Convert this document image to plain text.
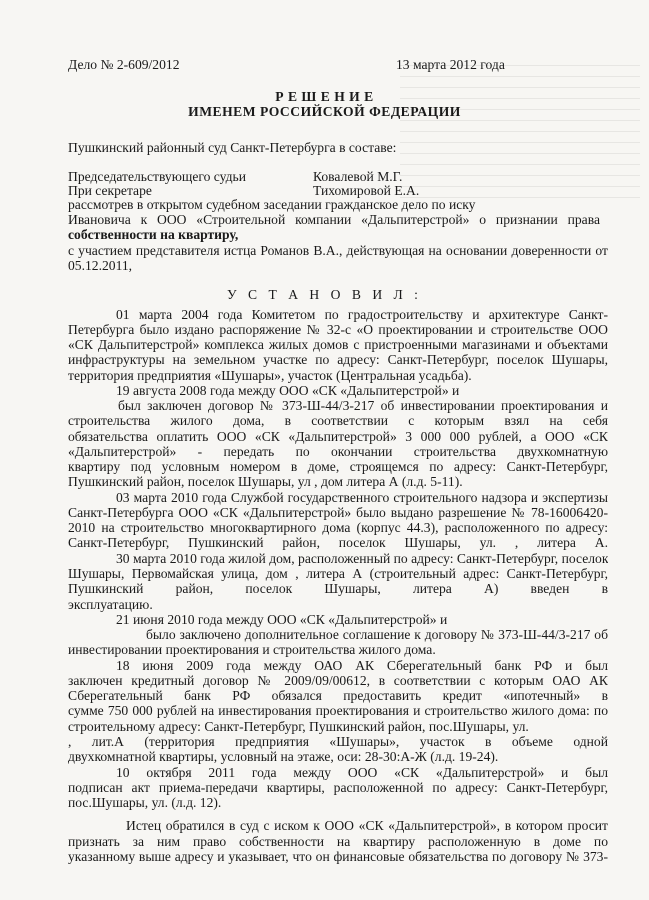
Дело № 2-609/2012	13 марта 2012 года
Р Е Ш Е Н И Е
ИМЕНЕМ РОССИЙСКОЙ ФЕДЕРАЦИИ
Пушкинский районный суд Санкт-Петербурга в составе:
Председательствующего судьи	Ковалевой М.Г.
При секретаре	Тихомировой Е.А.
рассмотрев в открытом судебном заседании гражданское дело по иску
Ивановича к ООО «Строительной компании «Дальпитерстрой» о признании права
собственности на квартиру,
с участием представителя истца Романов В.А., действующая на основании доверенности от
05.12.2011,
У С Т А Н О В И Л :
01 марта 2004 года Комитетом по градостроительству и архитектуре Санкт-
Петербурга было издано распоряжение № 32-с «О проектировании и строительстве ООО
«СК Дальпитерстрой» комплекса жилых домов с пристроенными магазинами и объектами
инфраструктуры на земельном участке по адресу: Санкт-Петербург, поселок Шушары,
территория предприятия «Шушары», участок (Центральная усадьба).
19 августа 2008 года между ООО «СК «Дальпитерстрой» и
был заключен договор № 373-Ш-44/3-217 об инвестировании проектирования и
строительства жилого дома, в соответствии с которым взял на себя
обязательства оплатить ООО «СК «Дальпитерстрой» 3 000 000 рублей, а ООО «СК
«Дальпитерстрой» - передать по окончании строительства двухкомнатную
квартиру под условным номером в доме, строящемся по адресу: Санкт-Петербург,
Пушкинский район, поселок Шушары, ул , дом литера А (л.д. 5-11).
03 марта 2010 года Службой государственного строительного надзора и экспертизы
Санкт-Петербурга ООО «СК «Дальпитерстрой» было выдано разрешение № 78-16006420-
2010 на строительство многоквартирного дома (корпус 44.3), расположенного по адресу:
Санкт-Петербург, Пушкинский район, поселок Шушары, ул. , литера А.
30 марта 2010 года жилой дом, расположенный по адресу: Санкт-Петербург, поселок
Шушары, Первомайская улица, дом , литера А (строительный адрес: Санкт-Петербург,
Пушкинский район, поселок Шушары, литера А) введен в
эксплуатацию.
21 июня 2010 года между ООО «СК «Дальпитерстрой» и
было заключено дополнительное соглашение к договору № 373-Ш-44/3-217 об
инвестировании проектирования и строительства жилого дома.
18 июня 2009 года между ОАО АК Сберегательный банк РФ и был
заключен кредитный договор № 2009/09/00612, в соответствии с которым ОАО АК
Сберегательный банк РФ обязался предоставить кредит «ипотечный» в
сумме 750 000 рублей на инвестирования проектирования и строительство жилого дома: по
строительному адресу: Санкт-Петербург, Пушкинский район, пос.Шушары, ул.
, лит.А (территория предприятия «Шушары», участок в объеме одной
двухкомнатной квартиры, условный на этаже, оси: 28-30:А-Ж (л.д. 19-24).
10 октября 2011 года между ООО «СК «Дальпитерстрой» и был
подписан акт приема-передачи квартиры, расположенной по адресу: Санкт-Петербург,
пос.Шушары, ул. (л.д. 12).
Истец обратился в суд с иском к ООО «СК «Дальпитерстрой», в котором просит
признать за ним право собственности на квартиру расположенную в доме по
указанному выше адресу и указывает, что он финансовые обязательства по договору № 373-
